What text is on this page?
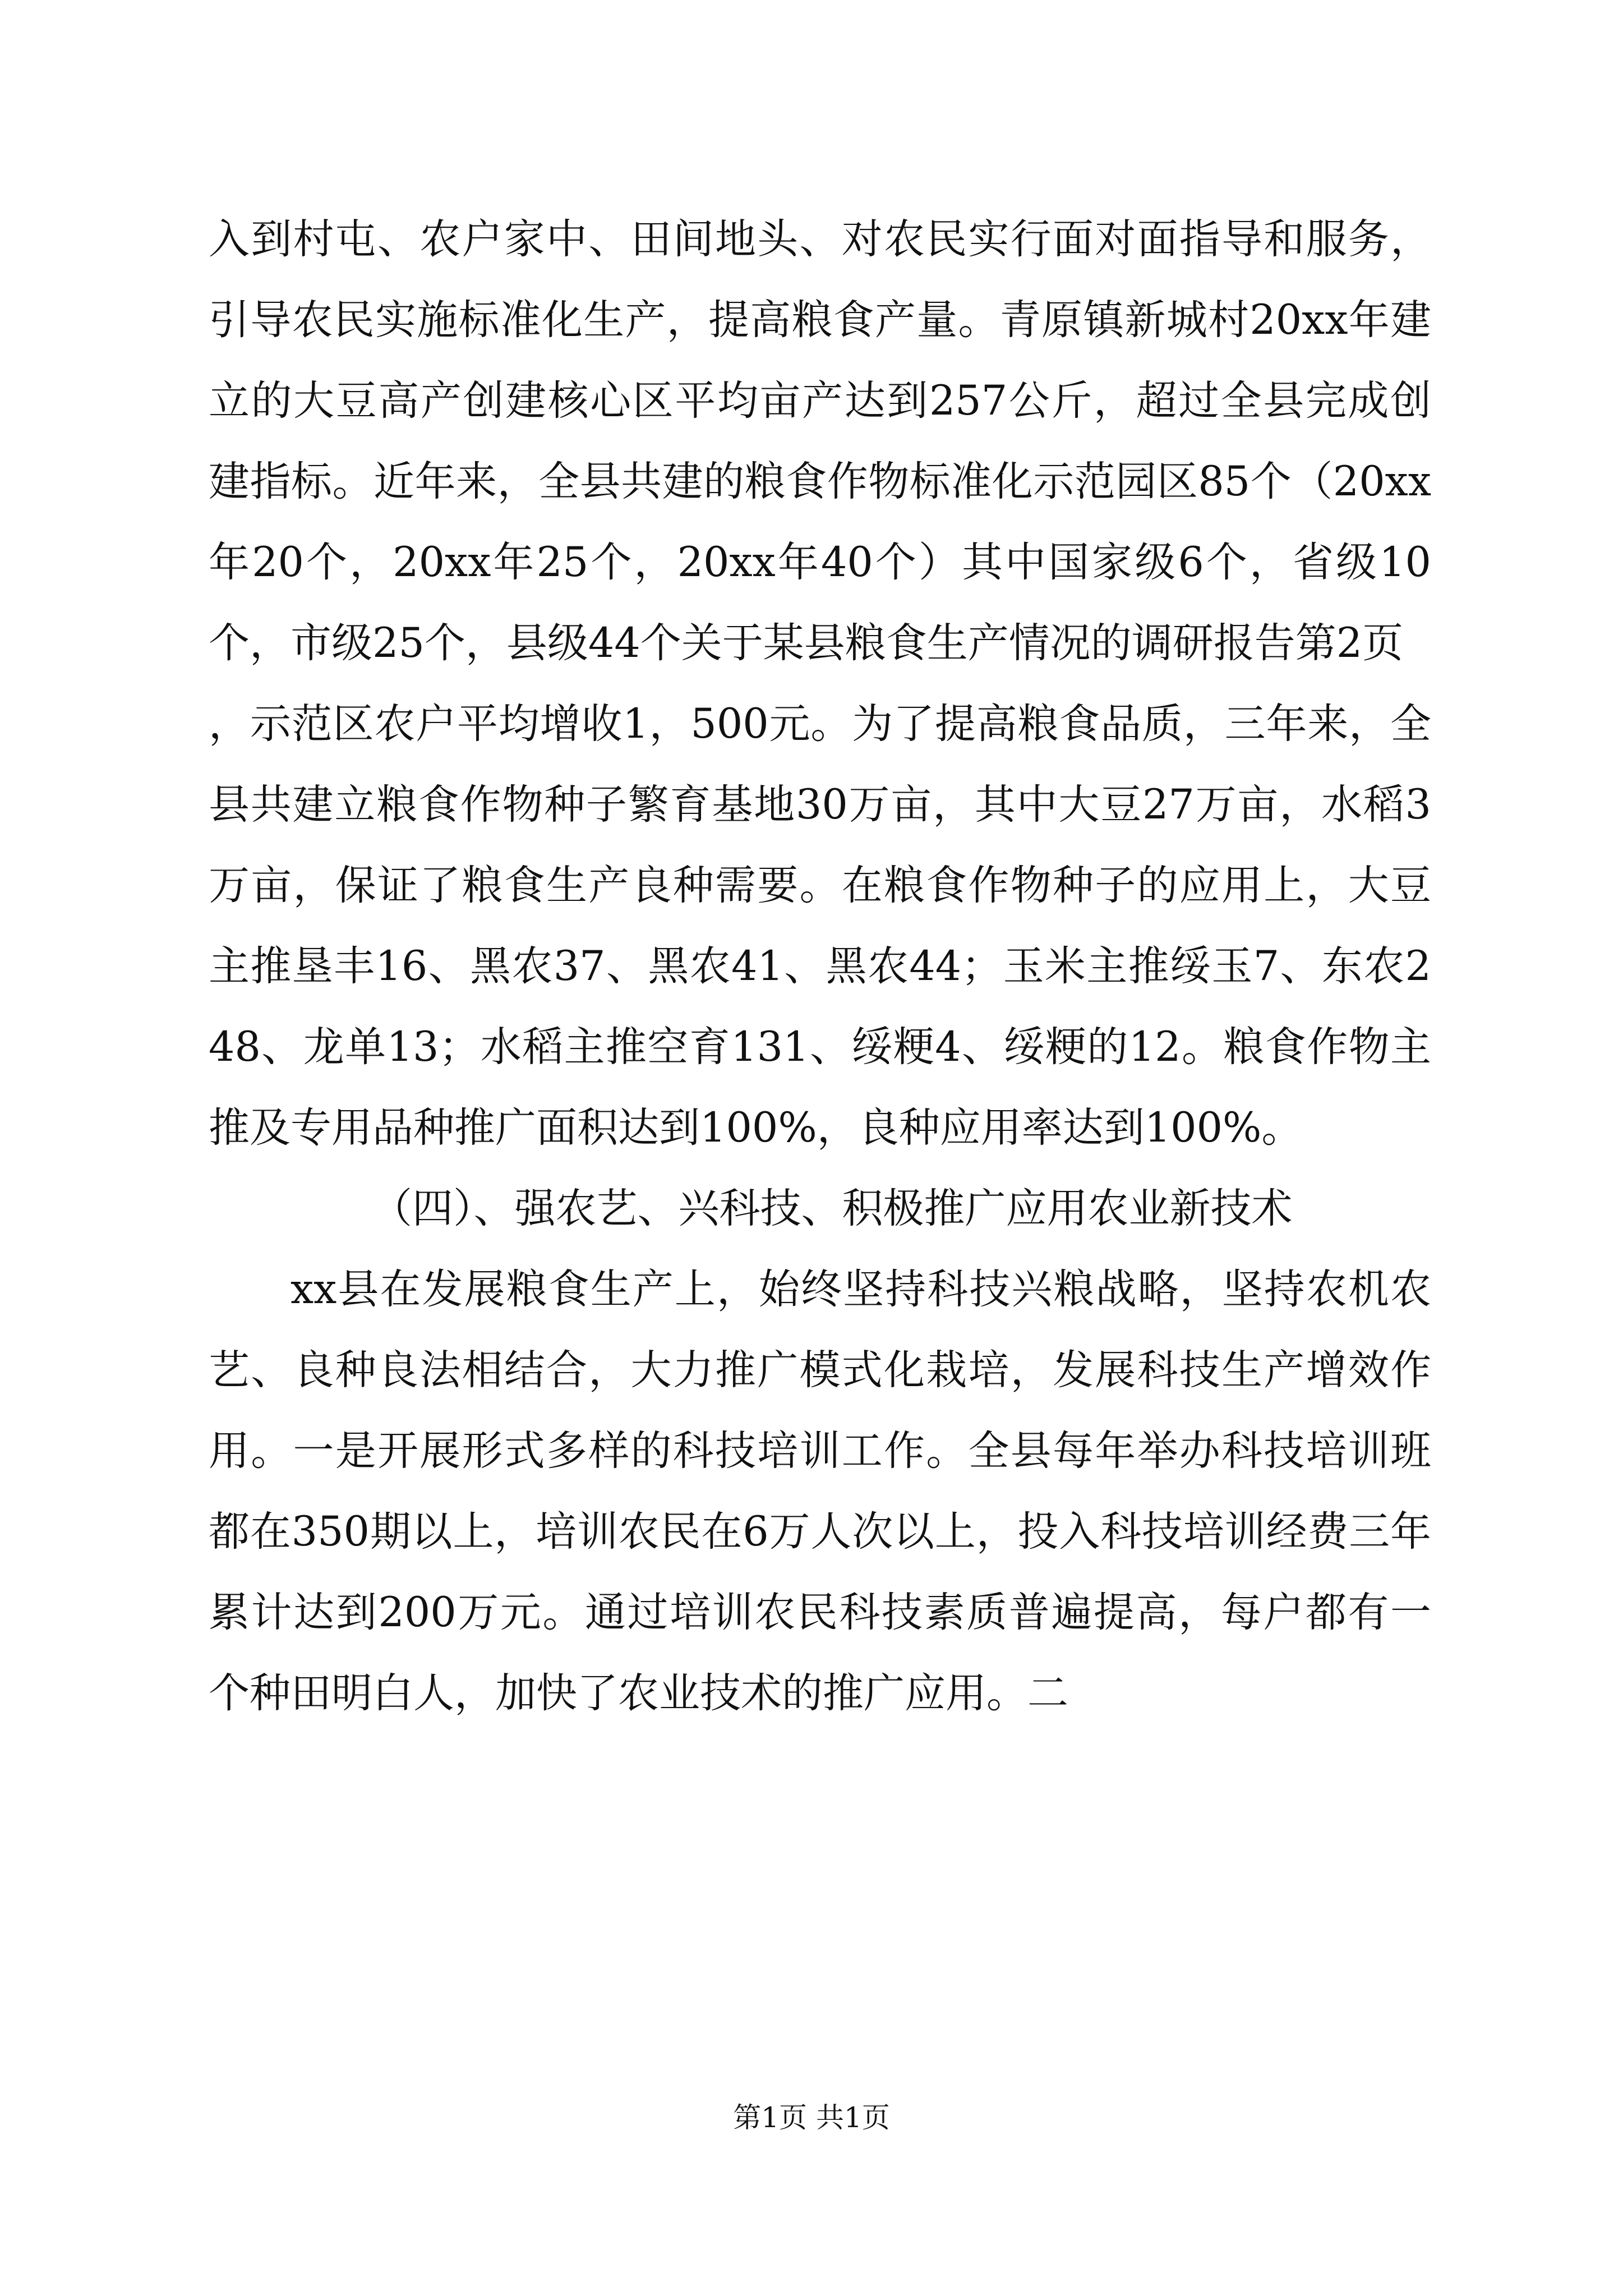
入到村屯、农户家中、田间地头、对农民实行面对面指导和服务，引导农民实施标准化生产，提高粮食产量。青原镇新城村20xx年建立的大豆高产创建核心区平均亩产达到257公斤，超过全县完成创建指标。近年来，全县共建的粮食作物标准化示范园区85个（20xx年20个，20xx年25个，20xx年40个）其中国家级6个，省级10个，市级25个，县级44个关于某县粮食生产情况的调研报告第2页

，示范区农户平均增收1，500元。为了提高粮食品质，三年来，全县共建立粮食作物种子繁育基地30万亩，其中大豆27万亩，水稻3万亩，保证了粮食生产良种需要。在粮食作物种子的应用上，大豆主推垦丰16、黑农37、黑农41、黑农44；玉米主推绥玉7、东农248、龙单13；水稻主推空育131、绥粳4、绥粳的12。粮食作物主推及专用品种推广面积达到100%，良种应用率达到100%。

（四）、强农艺、兴科技、积极推广应用农业新技术

xx县在发展粮食生产上，始终坚持科技兴粮战略，坚持农机农艺、良种良法相结合，大力推广模式化栽培，发展科技生产增效作用。一是开展形式多样的科技培训工作。全县每年举办科技培训班都在350期以上，培训农民在6万人次以上，投入科技培训经费三年累计达到200万元。通过培训农民科技素质普遍提高，每户都有一个种田明白人，加快了农业技术的推广应用。二

第1页 共1页
